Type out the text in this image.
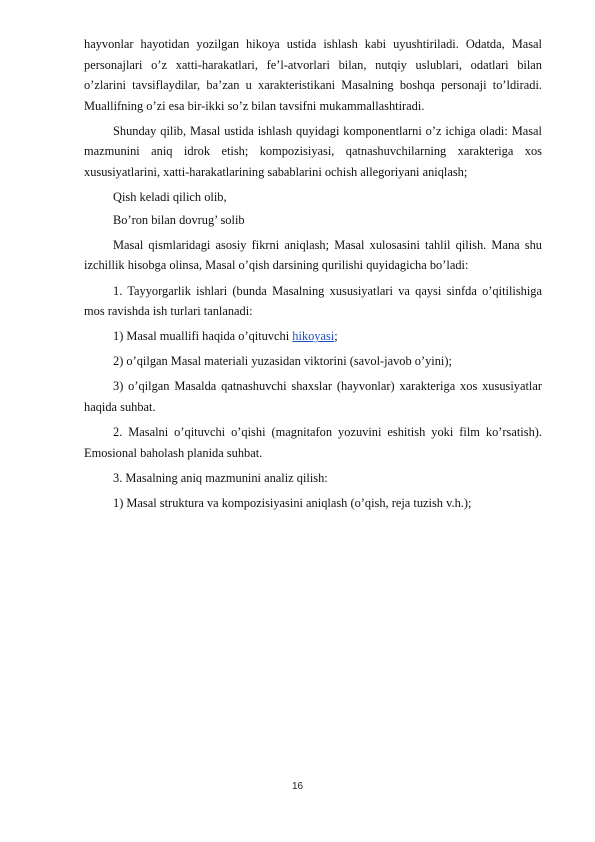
hayvonlar hayotidan yozilgan hikoya ustida ishlash kabi uyushtiriladi. Odatda, Masal personajlari o’z xatti-harakatlari, fe’l-atvorlari bilan, nutqiy uslublari, odatlari bilan o’zlarini tavsiflaydilar, ba’zan u xarakteristikani Masalning boshqa personaji to’ldiradi. Muallifning o’zi esa bir-ikki so’z bilan tavsifni mukammallashtiradi.

Shunday qilib, Masal ustida ishlash quyidagi komponentlarni o’z ichiga oladi: Masal mazmunini aniq idrok etish; kompozisiyasi, qatnashuvchilarning xarakteriga xos xususiyatlarini, xatti-harakatlarining sabablarini ochish allegoriyani aniqlash;

Qish keladi qilich olib,

Bo’ron bilan dovrug’ solib

Masal qismlaridagi asosiy fikrni aniqlash; Masal xulosasini tahlil qilish. Mana shu izchillik hisobga olinsa, Masal o’qish darsining qurilishi quyidagicha bo’ladi:

1. Tayyorgarlik ishlari (bunda Masalning xususiyatlari va qaysi sinfda o’qitilishiga mos ravishda ish turlari tanlanadi:

1) Masal muallifi haqida o’qituvchi hikoyasi;

2) o’qilgan Masal materiali yuzasidan viktorini (savol-javob o’yini);

3) o’qilgan Masalda qatnashuvchi shaxslar (hayvonlar) xarakteriga xos xususiyatlar haqida suhbat.

2. Masalni o’qituvchi o’qishi (magnitafon yozuvini eshitish yoki film ko’rsatish). Emosional baholash planida suhbat.

3. Masalning aniq mazmunini analiz qilish:

1) Masal struktura va kompozisiyasini aniqlash (o’qish, reja tuzish v.h.);

16
